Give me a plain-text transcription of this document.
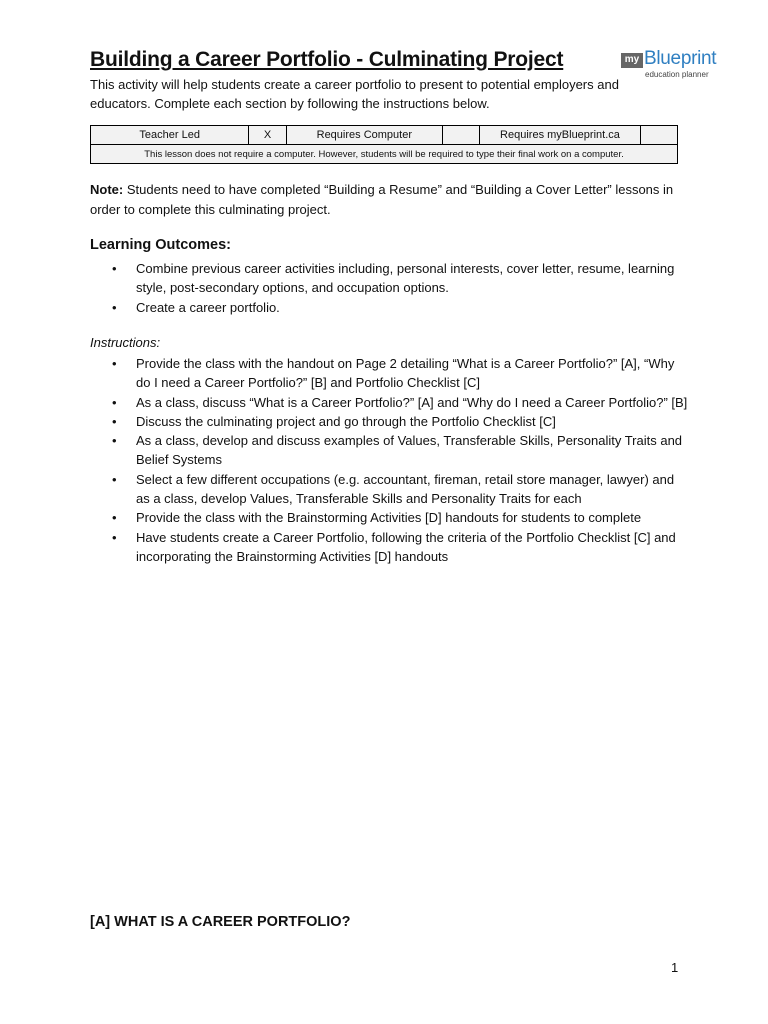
Building a Career Portfolio - Culminating Project	my Blueprint
education planner
This activity will help students create a career portfolio to present to potential employers and educators. Complete each section by following the instructions below.
Teacher Led	X	Requires Computer		Requires myBlueprint.ca	
This lesson does not require a computer. However, students will be required to type their final work on a computer.
Note: Students need to have completed “Building a Resume” and “Building a Cover Letter” lessons in order to complete this culminating project.
Learning Outcomes:
• Combine previous career activities including, personal interests, cover letter, resume, learning style, post-secondary options, and occupation options.
• Create a career portfolio.
Instructions:
• Provide the class with the handout on Page 2 detailing “What is a Career Portfolio?” [A], “Why do I need a Career Portfolio?” [B] and Portfolio Checklist [C]
• As a class, discuss “What is a Career Portfolio?” [A] and “Why do I need a Career Portfolio?” [B]
• Discuss the culminating project and go through the Portfolio Checklist [C]
• As a class, develop and discuss examples of Values, Transferable Skills, Personality Traits and Belief Systems
• Select a few different occupations (e.g. accountant, fireman, retail store manager, lawyer) and as a class, develop Values, Transferable Skills and Personality Traits for each
• Provide the class with the Brainstorming Activities [D] handouts for students to complete
• Have students create a Career Portfolio, following the criteria of the Portfolio Checklist [C] and incorporating the Brainstorming Activities [D] handouts
[A] WHAT IS A CAREER PORTFOLIO?
1
